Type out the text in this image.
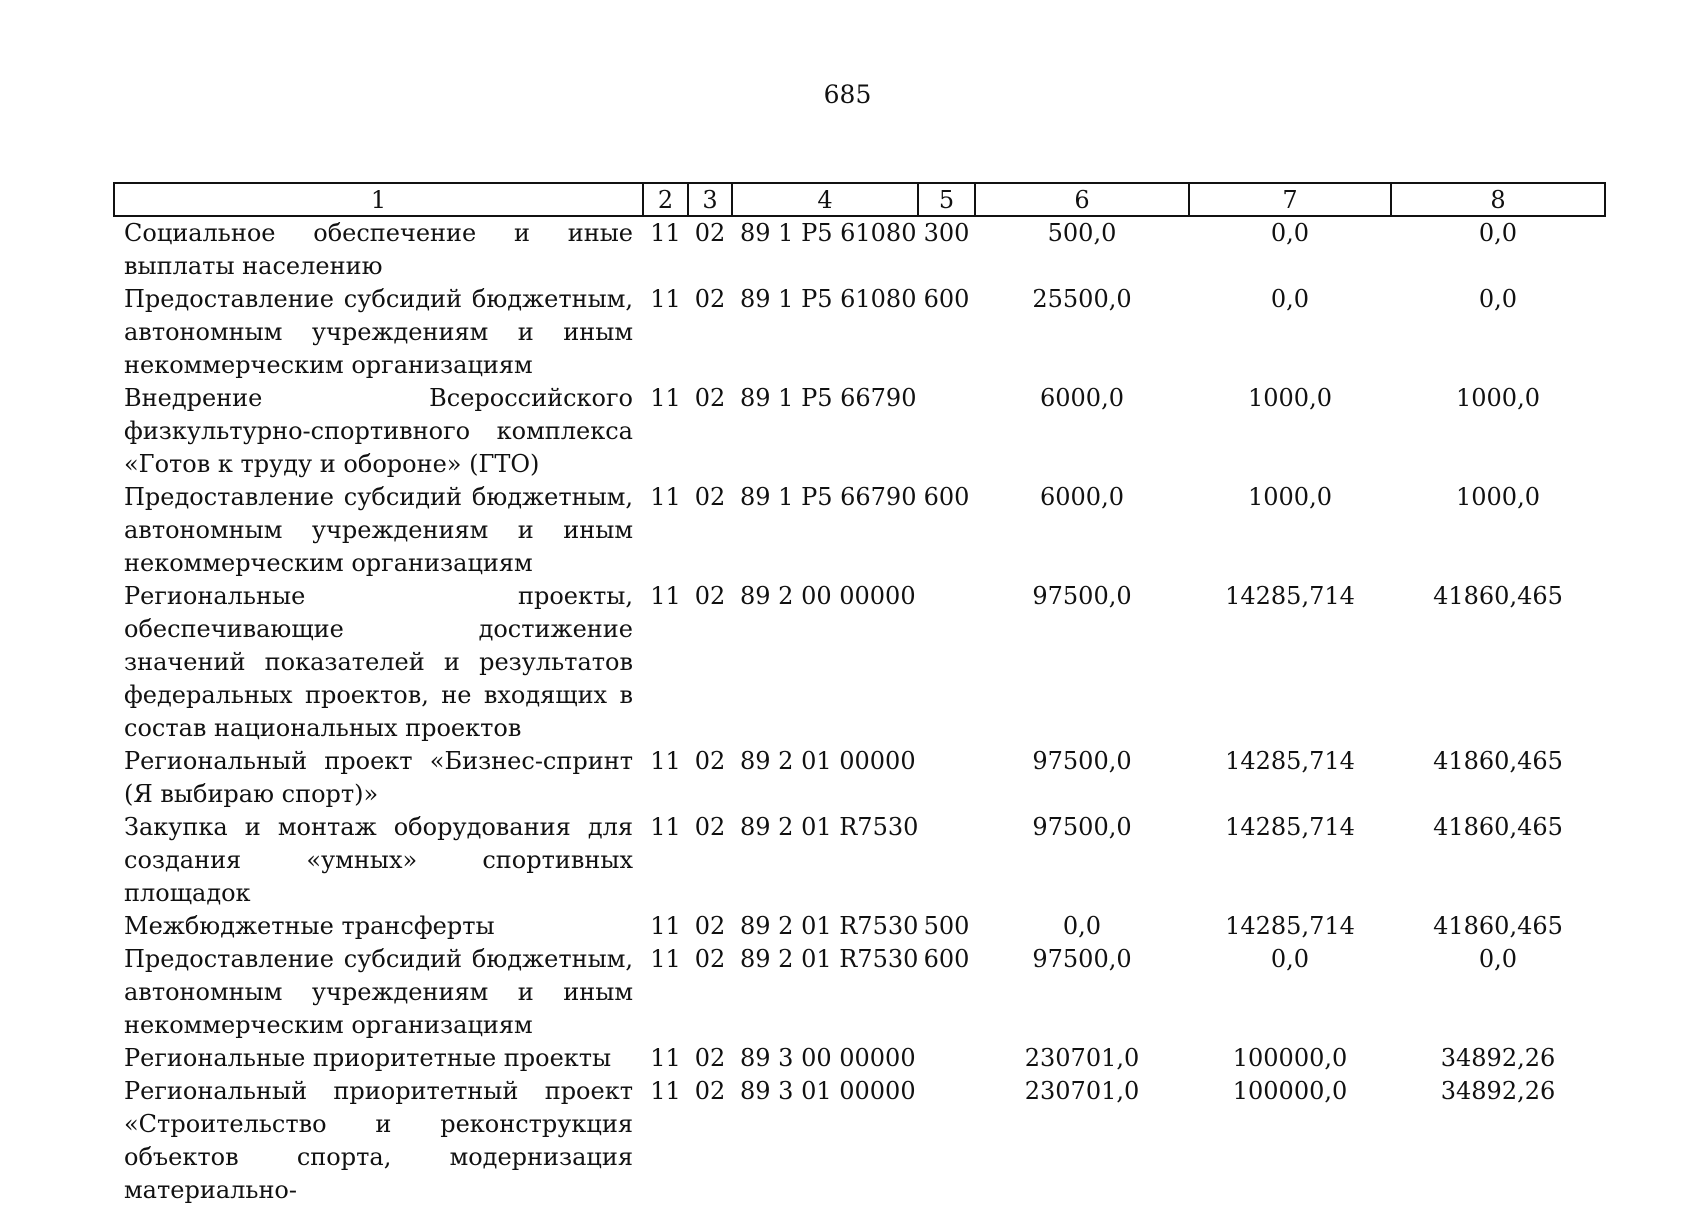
685
1	2	3	4	5	6	7	8
Социальное обеспечение и иные выплаты населению	11	02	89 1 Р5 61080	300	500,0	0,0	0,0
Предоставление субсидий бюджетным, автономным учреждениям и иным некоммерческим организациям	11	02	89 1 Р5 61080	600	25500,0	0,0	0,0
Внедрение Всероссийского физкультурно-спортивного комплекса «Готов к труду и обороне» (ГТО)	11	02	89 1 Р5 66790		6000,0	1000,0	1000,0
Предоставление субсидий бюджетным, автономным учреждениям и иным некоммерческим организациям	11	02	89 1 Р5 66790	600	6000,0	1000,0	1000,0
Региональные проекты, обеспечивающие достижение значений показателей и результатов федеральных проектов, не входящих в состав национальных проектов	11	02	89 2 00 00000		97500,0	14285,714	41860,465
Региональный проект «Бизнес-спринт (Я выбираю спорт)»	11	02	89 2 01 00000		97500,0	14285,714	41860,465
Закупка и монтаж оборудования для создания «умных» спортивных площадок	11	02	89 2 01 R7530		97500,0	14285,714	41860,465
Межбюджетные трансферты	11	02	89 2 01 R7530	500	0,0	14285,714	41860,465
Предоставление субсидий бюджетным, автономным учреждениям и иным некоммерческим организациям	11	02	89 2 01 R7530	600	97500,0	0,0	0,0
Региональные приоритетные проекты	11	02	89 3 00 00000		230701,0	100000,0	34892,26
Региональный приоритетный проект «Строительство и реконструкция объектов спорта, модернизация материально-	11	02	89 3 01 00000		230701,0	100000,0	34892,26
